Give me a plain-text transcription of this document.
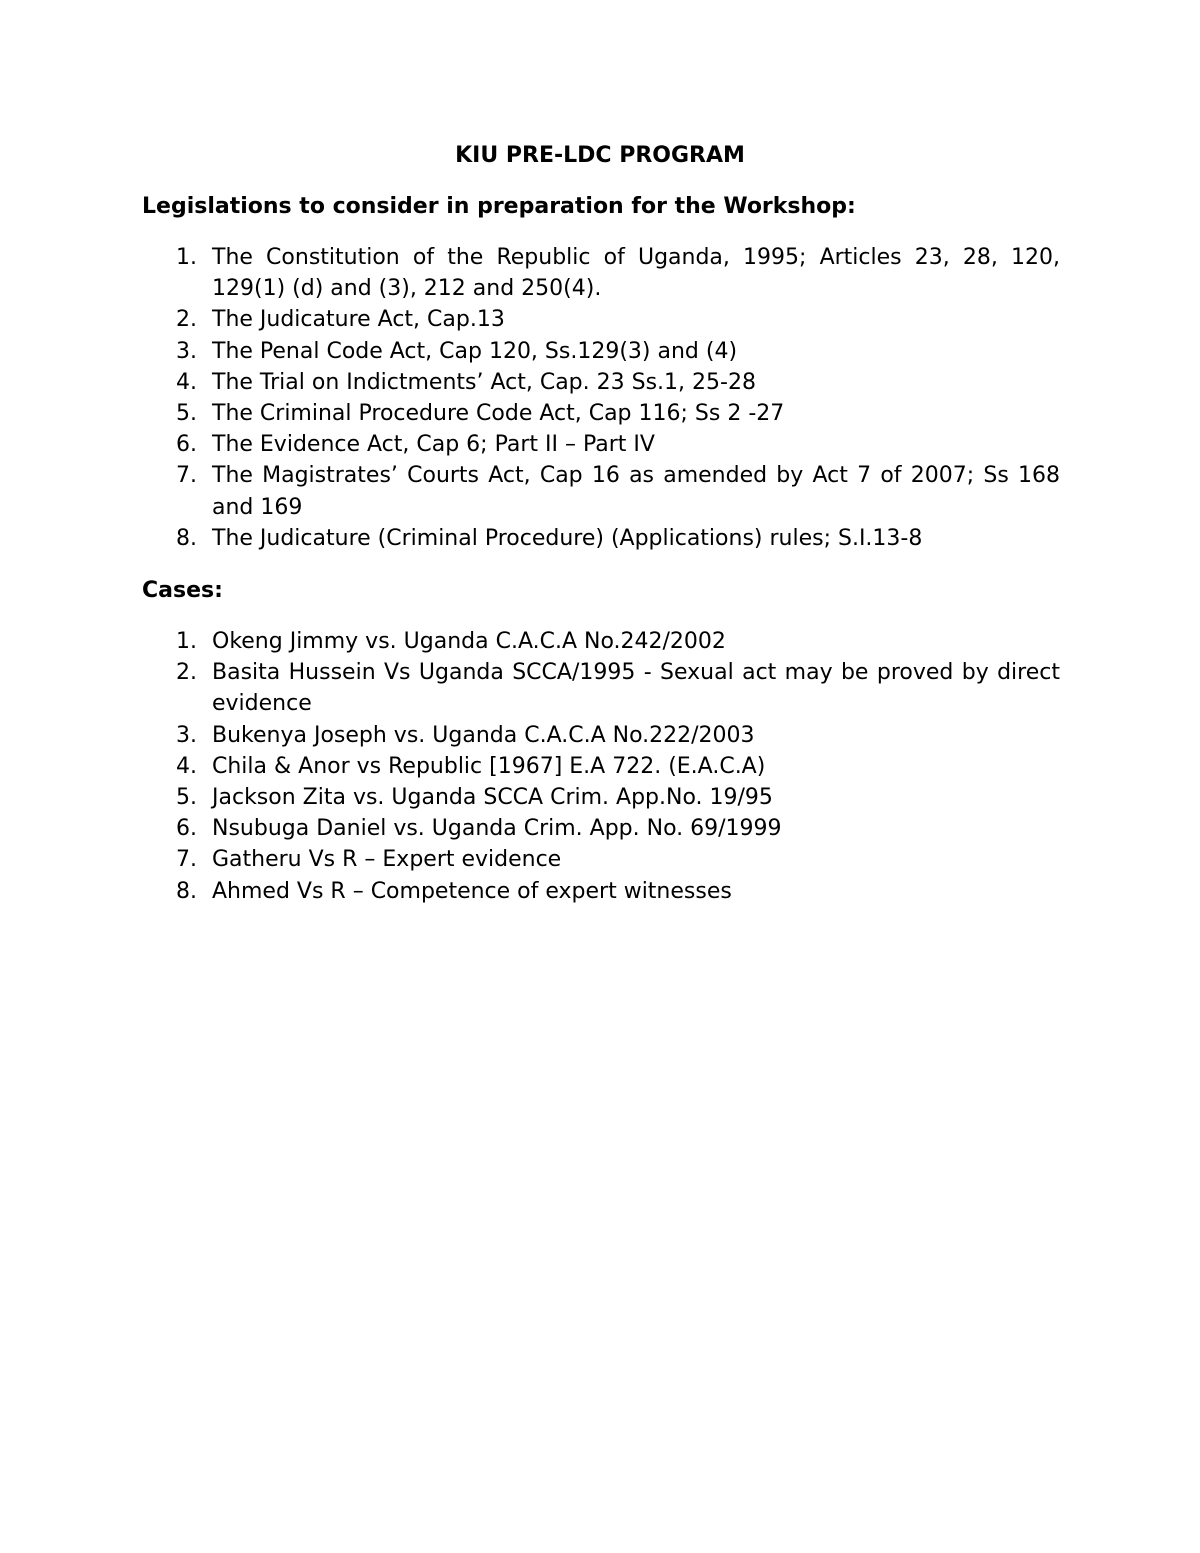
KIU PRE-LDC PROGRAM
Legislations to consider in preparation for the Workshop:
1. The Constitution of the Republic of Uganda, 1995; Articles 23, 28, 120, 129(1) (d) and (3), 212 and 250(4).
2. The Judicature Act, Cap.13
3. The Penal Code Act, Cap 120, Ss.129(3) and (4)
4. The Trial on Indictments’ Act, Cap. 23 Ss.1, 25-28
5. The Criminal Procedure Code Act, Cap 116; Ss 2 -27
6. The Evidence Act, Cap 6; Part II – Part IV
7. The Magistrates’ Courts Act, Cap 16 as amended by Act 7 of 2007; Ss 168 and 169
8. The Judicature (Criminal Procedure) (Applications) rules; S.I.13-8
Cases:
1. Okeng Jimmy vs. Uganda C.A.C.A No.242/2002
2. Basita Hussein Vs Uganda SCCA/1995 - Sexual act may be proved by direct evidence
3. Bukenya Joseph vs. Uganda C.A.C.A No.222/2003
4. Chila & Anor vs Republic [1967] E.A 722. (E.A.C.A)
5. Jackson Zita vs. Uganda SCCA Crim. App.No. 19/95
6. Nsubuga Daniel vs. Uganda Crim. App. No. 69/1999
7. Gatheru Vs R – Expert evidence
8. Ahmed Vs R – Competence of expert witnesses
